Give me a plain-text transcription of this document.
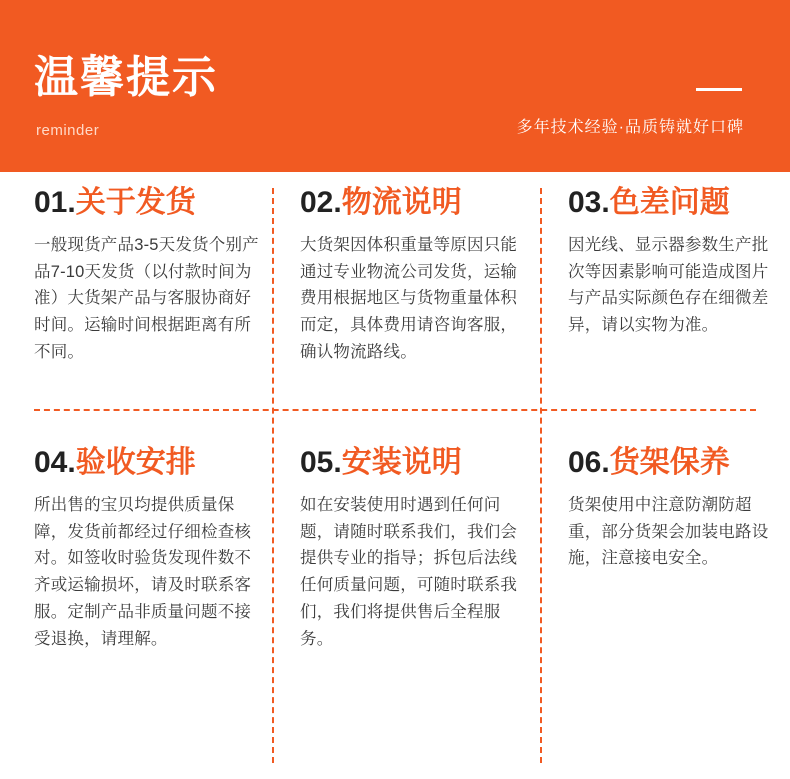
温馨提示
reminder	多年技术经验·品质铸就好口碑
01.关于发货
一般现货产品3-5天发货个别产品7-10天发货（以付款时间为准）大货架产品与客服协商好时间。运输时间根据距离有所不同。
02.物流说明
大货架因体积重量等原因只能通过专业物流公司发货，运输费用根据地区与货物重量体积而定，具体费用请咨询客服，确认物流路线。
03.色差问题
因光线、显示器参数生产批次等因素影响可能造成图片与产品实际颜色存在细微差异，请以实物为准。
04.验收安排
所出售的宝贝均提供质量保障，发货前都经过仔细检查核对。如签收时验货发现件数不齐或运输损坏，请及时联系客服。定制产品非质量问题不接受退换，请理解。
05.安装说明
如在安装使用时遇到任何问题，请随时联系我们，我们会提供专业的指导；拆包后法线任何质量问题，可随时联系我们，我们将提供售后全程服务。
06.货架保养
货架使用中注意防潮防超重，部分货架会加装电路设施，注意接电安全。
